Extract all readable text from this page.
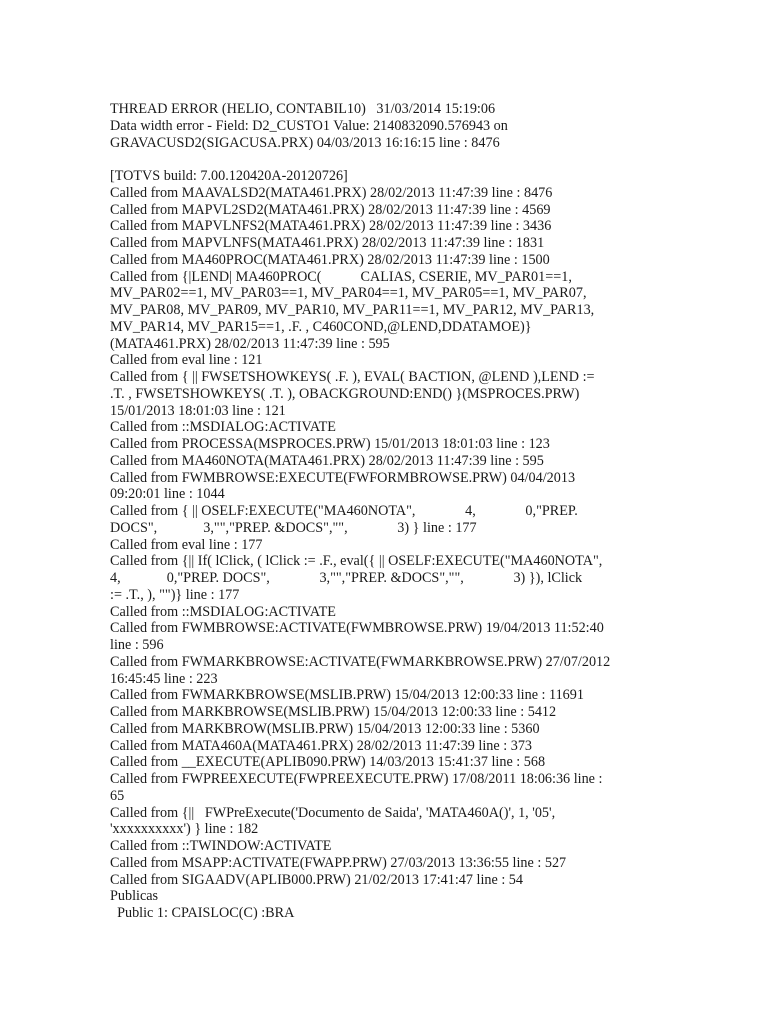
THREAD ERROR (HELIO, CONTABIL10)   31/03/2014 15:19:06
Data width error - Field: D2_CUSTO1 Value: 2140832090.576943 on
GRAVACUSD2(SIGACUSA.PRX) 04/03/2013 16:16:15 line : 8476
[TOTVS build: 7.00.120420A-20120726]
Called from MAAVALSD2(MATA461.PRX) 28/02/2013 11:47:39 line : 8476
Called from MAPVL2SD2(MATA461.PRX) 28/02/2013 11:47:39 line : 4569
Called from MAPVLNFS2(MATA461.PRX) 28/02/2013 11:47:39 line : 3436
Called from MAPVLNFS(MATA461.PRX) 28/02/2013 11:47:39 line : 1831
Called from MA460PROC(MATA461.PRX) 28/02/2013 11:47:39 line : 1500
Called from {|LEND| MA460PROC(           CALIAS, CSERIE, MV_PAR01==1,
MV_PAR02==1, MV_PAR03==1, MV_PAR04==1, MV_PAR05==1, MV_PAR07,
MV_PAR08, MV_PAR09, MV_PAR10, MV_PAR11==1, MV_PAR12, MV_PAR13,
MV_PAR14, MV_PAR15==1, .F. , C460COND,@LEND,DDATAMOE)}
(MATA461.PRX) 28/02/2013 11:47:39 line : 595
Called from eval line : 121
Called from { || FWSETSHOWKEYS( .F. ), EVAL( BACTION, @LEND ),LEND :=
.T. , FWSETSHOWKEYS( .T. ), OBACKGROUND:END() }(MSPROCES.PRW)
15/01/2013 18:01:03 line : 121
Called from ::MSDIALOG:ACTIVATE
Called from PROCESSA(MSPROCES.PRW) 15/01/2013 18:01:03 line : 123
Called from MA460NOTA(MATA461.PRX) 28/02/2013 11:47:39 line : 595
Called from FWMBROWSE:EXECUTE(FWFORMBROWSE.PRW) 04/04/2013
09:20:01 line : 1044
Called from { || OSELF:EXECUTE("MA460NOTA",              4,              0,"PREP.
DOCS",             3,"","PREP. &DOCS","",              3) } line : 177
Called from eval line : 177
Called from {|| If( lClick, ( lClick := .F., eval({ || OSELF:EXECUTE("MA460NOTA",
4,             0,"PREP. DOCS",              3,"","PREP. &DOCS","",              3) }), lClick
:= .T., ), "")} line : 177
Called from ::MSDIALOG:ACTIVATE
Called from FWMBROWSE:ACTIVATE(FWMBROWSE.PRW) 19/04/2013 11:52:40
line : 596
Called from FWMARKBROWSE:ACTIVATE(FWMARKBROWSE.PRW) 27/07/2012
16:45:45 line : 223
Called from FWMARKBROWSE(MSLIB.PRW) 15/04/2013 12:00:33 line : 11691
Called from MARKBROWSE(MSLIB.PRW) 15/04/2013 12:00:33 line : 5412
Called from MARKBROW(MSLIB.PRW) 15/04/2013 12:00:33 line : 5360
Called from MATA460A(MATA461.PRX) 28/02/2013 11:47:39 line : 373
Called from __EXECUTE(APLIB090.PRW) 14/03/2013 15:41:37 line : 568
Called from FWPREEXECUTE(FWPREEXECUTE.PRW) 17/08/2011 18:06:36 line :
65
Called from {||   FWPreExecute('Documento de Saida', 'MATA460A()', 1, '05',
'xxxxxxxxxx') } line : 182
Called from ::TWINDOW:ACTIVATE
Called from MSAPP:ACTIVATE(FWAPP.PRW) 27/03/2013 13:36:55 line : 527
Called from SIGAADV(APLIB000.PRW) 21/02/2013 17:41:47 line : 54
Publicas
Public 1: CPAISLOC(C) :BRA
